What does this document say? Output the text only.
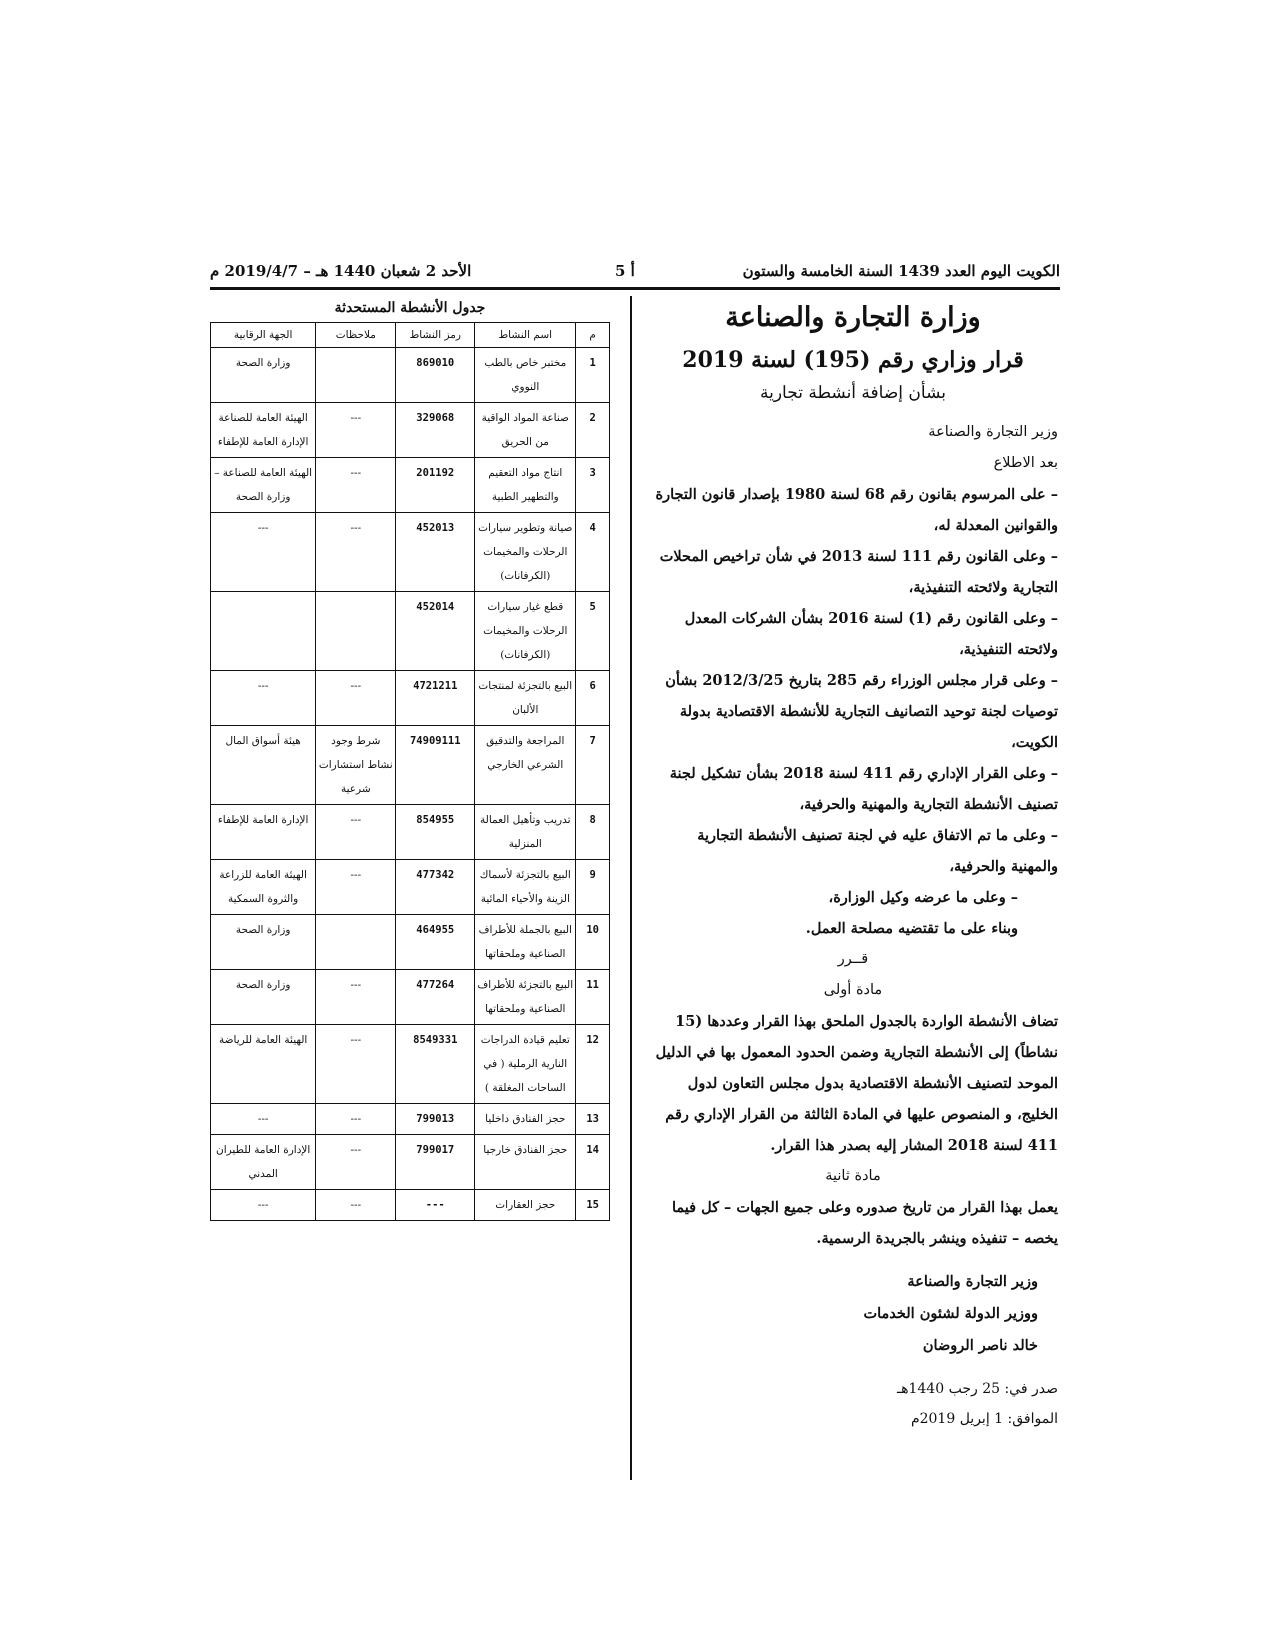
الكويت اليوم العدد 1439 السنة الخامسة والستون
أ 5
الأحد 2 شعبان 1440 هـ – 2019/4/7 م
وزارة التجارة والصناعة
قرار وزاري رقم (195) لسنة 2019
بشأن إضافة أنشطة تجارية

وزير التجارة والصناعة

بعد الاطلاع

– على المرسوم بقانون رقم 68 لسنة 1980 بإصدار قانون التجارة والقوانين المعدلة له،

– وعلى القانون رقم 111 لسنة 2013 في شأن تراخيص المحلات التجارية ولائحته التنفيذية،

– وعلى القانون رقم (1) لسنة 2016 بشأن الشركات المعدل ولائحته التنفيذية،

– وعلى قرار مجلس الوزراء رقم 285 بتاريخ 2012/3/25 بشأن توصيات لجنة توحيد التصانيف التجارية للأنشطة الاقتصادية بدولة الكويت،

– وعلى القرار الإداري رقم 411 لسنة 2018 بشأن تشكيل لجنة تصنيف الأنشطة التجارية والمهنية والحرفية،

– وعلى ما تم الاتفاق عليه في لجنة تصنيف الأنشطة التجارية والمهنية والحرفية،

– وعلى ما عرضه وكيل الوزارة،

وبناء على ما تقتضيه مصلحة العمل.

قــرر

مادة أولى

تضاف الأنشطة الواردة بالجدول الملحق بهذا القرار وعددها (15 نشاطاً) إلى الأنشطة التجارية وضمن الحدود المعمول بها في الدليل الموحد لتصنيف الأنشطة الاقتصادية بدول مجلس التعاون لدول الخليج، و المنصوص عليها في المادة الثالثة من القرار الإداري رقم 411 لسنة 2018 المشار إليه بصدر هذا القرار.

مادة ثانية

يعمل بهذا القرار من تاريخ صدوره وعلى جميع الجهات – كل فيما يخصه – تنفيذه وينشر بالجريدة الرسمية.

وزير التجارة والصناعة
ووزير الدولة لشئون الخدمات
خالد ناصر الروضان
صدر في: 25 رجب 1440هـ
الموافق: 1 إبريل 2019م
جدول الأنشطة المستحدثة
م	اسم النشاط	رمز النشاط	ملاحظات	الجهة الرقابية
1	مختبر خاص بالطب النووي	869010		وزارة الصحة
2	صناعة المواد الواقية من الحريق	329068	---	الهيئة العامة للصناعة الإدارة العامة للإطفاء
3	انتاج مواد التعقيم والتطهير الطبية	201192	---	الهيئة العامة للصناعة – وزارة الصحة
4	صيانة وتطوير سيارات الرحلات والمخيمات (الكرفانات)	452013	---	---
5	قطع غيار سيارات الرحلات والمخيمات (الكرفانات)	452014		
6	البيع بالتجزئة لمنتجات الألبان	4721211	---	---
7	المراجعة والتدقيق الشرعي الخارجي	74909111	شرط وجود نشاط استشارات شرعية	هيئة أسواق المال
8	تدريب وتأهيل العمالة المنزلية	854955	---	الإدارة العامة للإطفاء
9	البيع بالتجزئة لأسماك الزينة والأحياء المائية	477342	---	الهيئة العامة للزراعة والثروة السمكية
10	البيع بالجملة للأطراف الصناعية وملحقاتها	464955		وزارة الصحة
11	البيع بالتجزئة للأطراف الصناعية وملحقاتها	477264	---	وزارة الصحة
12	تعليم قيادة الدراجات النارية الرملية ( في الساحات المغلقة )	8549331	---	الهيئة العامة للرياضة
13	حجز الفنادق داخليا	799013	---	---
14	حجز الفنادق خارجيا	799017	---	الإدارة العامة للطيران المدني
15	حجز العقارات	---	---	---
